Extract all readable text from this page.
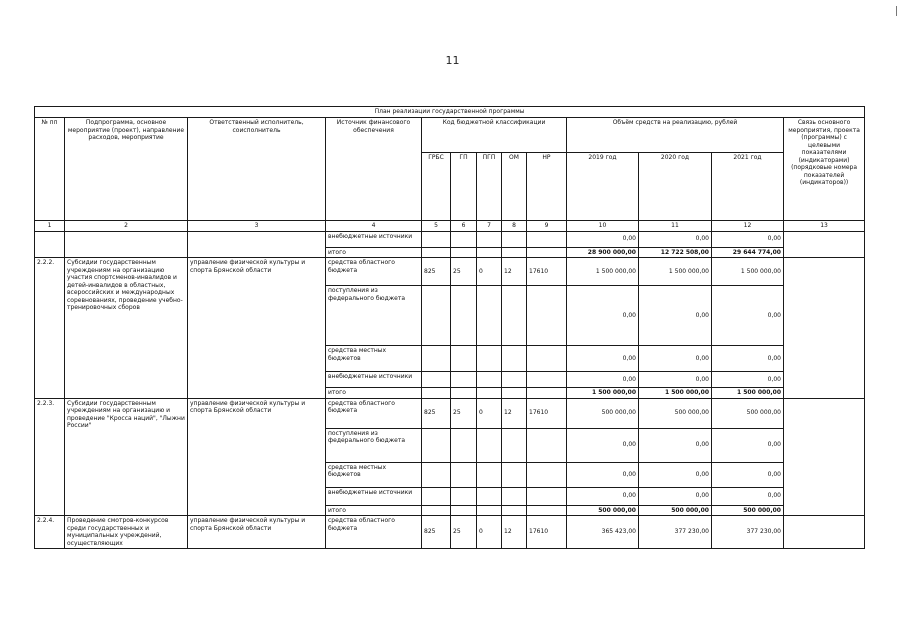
11
План реализации государственной программы												
№ пп	Подпрограмма, основное мероприятие (проект), направление расходов, мероприятие	Ответственный исполнитель, соисполнитель	Источник финансового обеспечения	Код бюджетной классификации					Объём средств на реализацию, рублей			Связь основного мероприятия, проекта (программы) с целевыми показателями (индикаторами) (порядковые номера показателей (индикаторов))
				ГРБС	ГП	ПГП	ОМ	НР	2019 год	2020 год	2021 год	
1	2	3	4	5	6	7	8	9	10	11	12	13
			внебюджетные источники						0,00	0,00	0,00	
			итого						28 900 000,00	12 722 508,00	29 644 774,00	
2.2.2.	Субсидии государственным учреждениям на организацию участия спортсменов-инвалидов и детей-инвалидов в областных, всероссийских и международных соревнованиях, проведение учебно-тренировочных сборов	управление физической культуры и спорта Брянской области	средства областного бюджета	825	25	0	12	17610	1 500 000,00	1 500 000,00	1 500 000,00	
			поступления из федерального бюджета						0,00	0,00	0,00	
			средства местных бюджетов						0,00	0,00	0,00	
			внебюджетные источники						0,00	0,00	0,00	
			итого						1 500 000,00	1 500 000,00	1 500 000,00	
2.2.3.	Субсидии государственным учреждениям на организацию и проведение "Кросса наций", "Лыжни России"	управление физической культуры и спорта Брянской области	средства областного бюджета	825	25	0	12	17610	500 000,00	500 000,00	500 000,00	
			поступления из федерального бюджета						0,00	0,00	0,00	
			средства местных бюджетов						0,00	0,00	0,00	
			внебюджетные источники						0,00	0,00	0,00	
			итого						500 000,00	500 000,00	500 000,00	
2.2.4.	Проведение смотров-конкурсов среди государственных и муниципальных учреждений, осуществляющих	управление физической культуры и спорта Брянской области	средства областного бюджета	825	25	0	12	17610	365 423,00	377 230,00	377 230,00	
